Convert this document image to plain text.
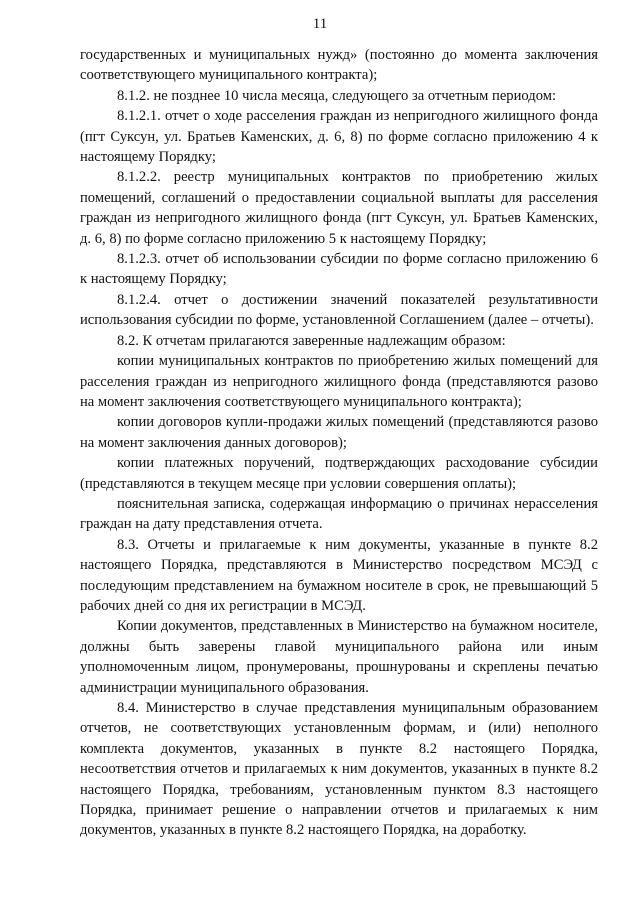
11

государственных и муниципальных нужд» (постоянно до момента заключения соответствующего муниципального контракта);

8.1.2. не позднее 10 числа месяца, следующего за отчетным периодом:

8.1.2.1. отчет о ходе расселения граждан из непригодного жилищного фонда (пгт Суксун, ул. Братьев Каменских, д. 6, 8) по форме согласно приложению 4 к настоящему Порядку;

8.1.2.2. реестр муниципальных контрактов по приобретению жилых помещений, соглашений о предоставлении социальной выплаты для расселения граждан из непригодного жилищного фонда (пгт Суксун, ул. Братьев Каменских, д. 6, 8) по форме согласно приложению 5 к настоящему Порядку;

8.1.2.3. отчет об использовании субсидии по форме согласно приложению 6 к настоящему Порядку;

8.1.2.4. отчет о достижении значений показателей результативности использования субсидии по форме, установленной Соглашением (далее – отчеты).

8.2. К отчетам прилагаются заверенные надлежащим образом:

копии муниципальных контрактов по приобретению жилых помещений для расселения граждан из непригодного жилищного фонда (представляются разово на момент заключения соответствующего муниципального контракта);

копии договоров купли-продажи жилых помещений (представляются разово на момент заключения данных договоров);

копии платежных поручений, подтверждающих расходование субсидии (представляются в текущем месяце при условии совершения оплаты);

пояснительная записка, содержащая информацию о причинах нерасселения граждан на дату представления отчета.

8.3. Отчеты и прилагаемые к ним документы, указанные в пункте 8.2 настоящего Порядка, представляются в Министерство посредством МСЭД с последующим представлением на бумажном носителе в срок, не превышающий 5 рабочих дней со дня их регистрации в МСЭД.

Копии документов, представленных в Министерство на бумажном носителе, должны быть заверены главой муниципального района или иным уполномоченным лицом, пронумерованы, прошнурованы и скреплены печатью администрации муниципального образования.

8.4. Министерство в случае представления муниципальным образованием отчетов, не соответствующих установленным формам, и (или) неполного комплекта документов, указанных в пункте 8.2 настоящего Порядка, несоответствия отчетов и прилагаемых к ним документов, указанных в пункте 8.2 настоящего Порядка, требованиям, установленным пунктом 8.3 настоящего Порядка, принимает решение о направлении отчетов и прилагаемых к ним документов, указанных в пункте 8.2 настоящего Порядка, на доработку.
